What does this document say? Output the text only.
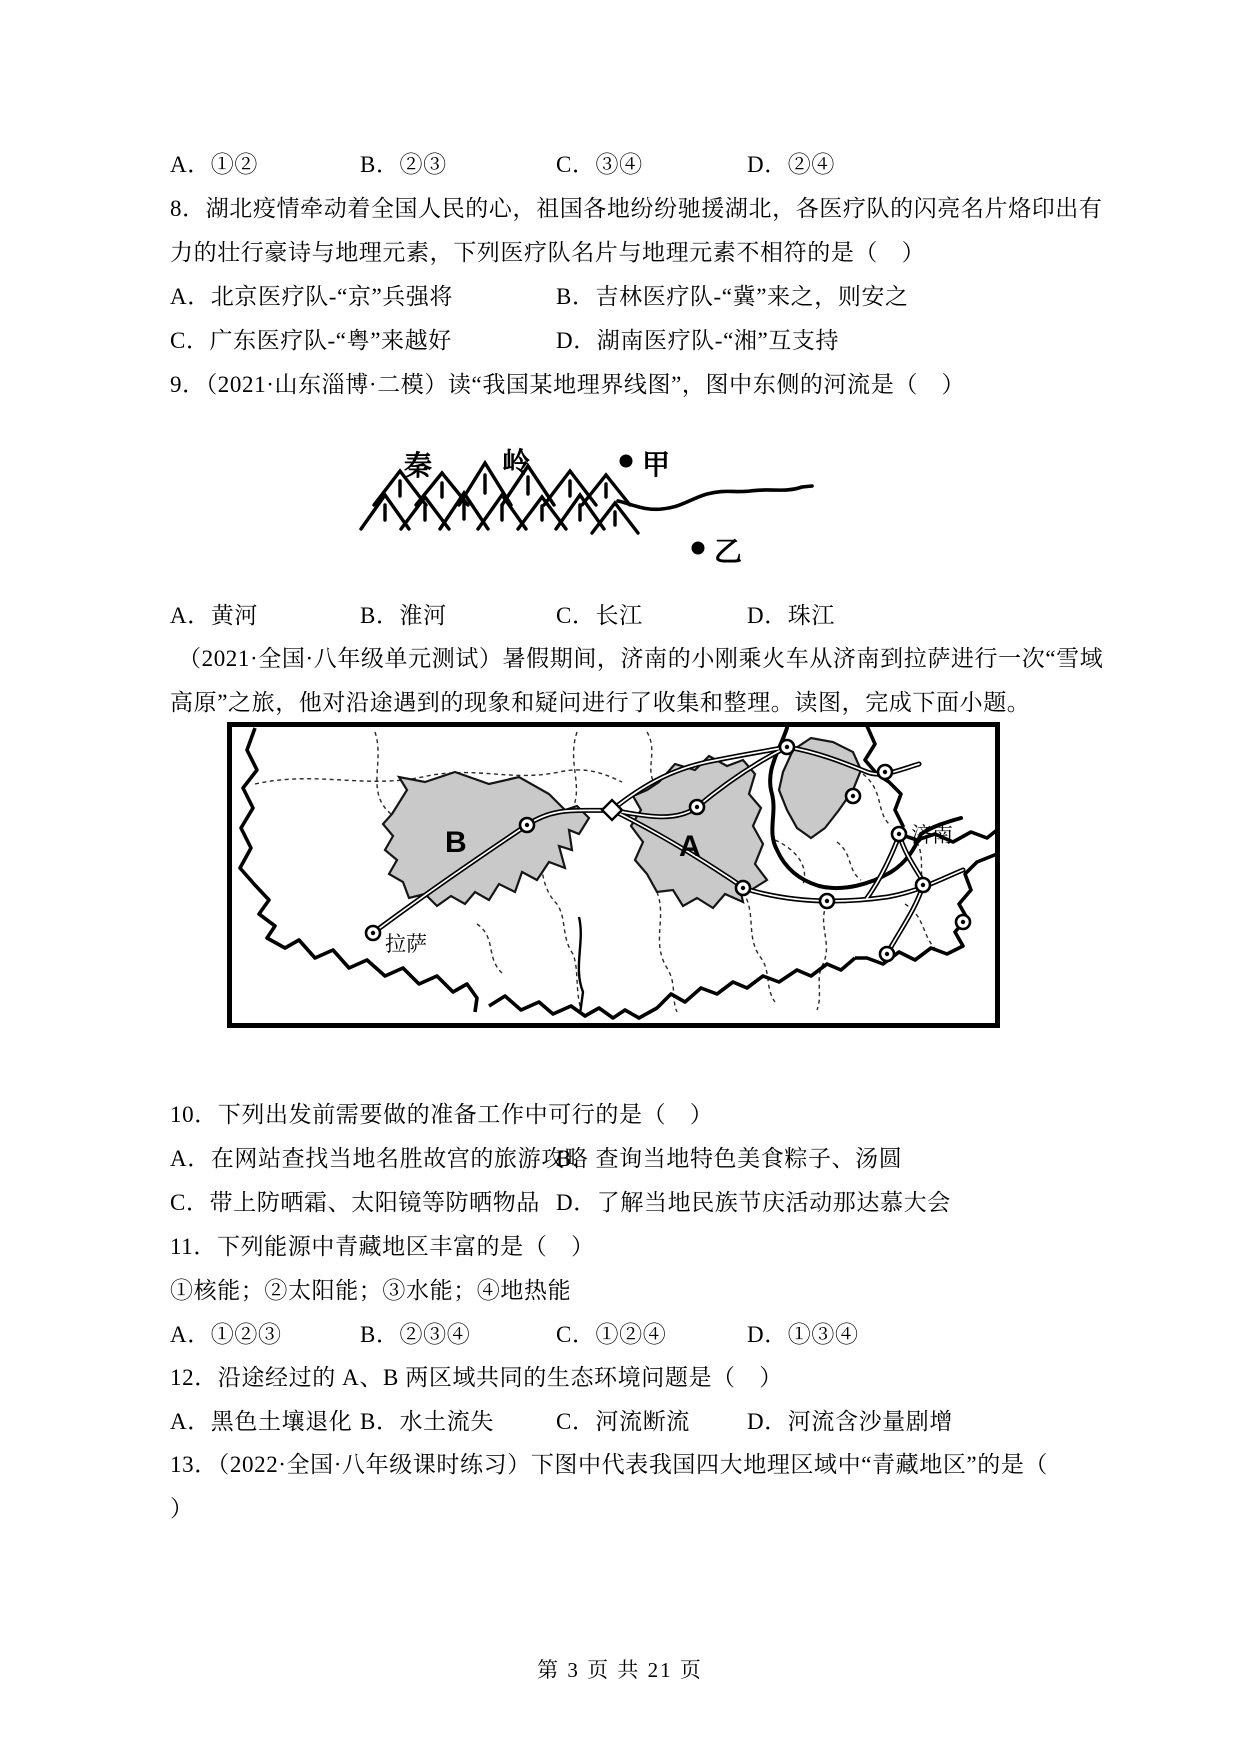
A．①②	B．②③	C．③④	D．②④
8．湖北疫情牵动着全国人民的心，祖国各地纷纷驰援湖北，各医疗队的闪亮名片烙印出有
力的壮行豪诗与地理元素，下列医疗队名片与地理元素不相符的是（　）
A．北京医疗队-“京”兵强将	B．吉林医疗队-“冀”来之，则安之
C．广东医疗队-“粤”来越好	D．湖南医疗队-“湘”互支持
9．（2021·山东淄博·二模）读“我国某地理界线图”，图中东侧的河流是（　）
秦 岭	甲
乙
A．黄河	B．淮河	C．长江	D．珠江
（2021·全国·八年级单元测试）暑假期间，济南的小刚乘火车从济南到拉萨进行一次“雪域
高原”之旅，他对沿途遇到的现象和疑问进行了收集和整理。读图，完成下面小题。
B	A	济南
拉萨
10．下列出发前需要做的准备工作中可行的是（　）
A．在网站查找当地名胜故宫的旅游攻略
B．查询当地特色美食粽子、汤圆
C．带上防晒霜、太阳镜等防晒物品 D．了解当地民族节庆活动那达慕大会
11．下列能源中青藏地区丰富的是（　）
①核能；②太阳能；③水能；④地热能
A．①②③	B．②③④	C．①②④	D．①③④
12．沿途经过的 A、B 两区域共同的生态环境问题是（　）
A．黑色土壤退化 B．水土流失	C．河流断流 D．河流含沙量剧增
13．（2022·全国·八年级课时练习）下图中代表我国四大地理区域中“青藏地区”的是（
）
第 3 页 共 21 页
